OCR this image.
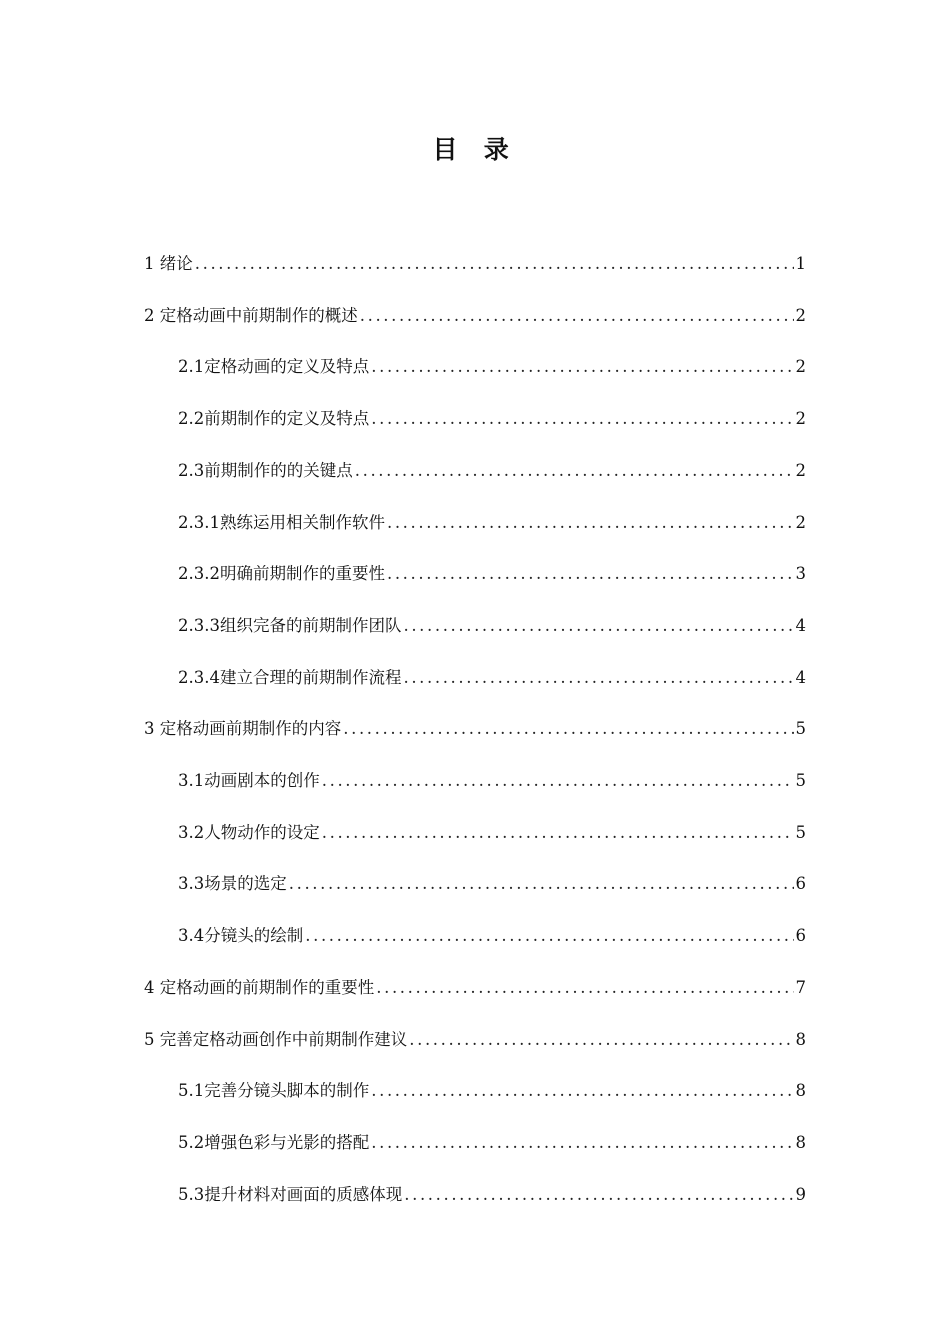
目 录
1 绪论 .....	1
2 定格动画中前期制作的概述 .....	2
2.1定格动画的定义及特点 .....	2
2.2前期制作的定义及特点 .....	2
2.3前期制作的的关键点 .....	2
2.3.1熟练运用相关制作软件 .....	2
2.3.2明确前期制作的重要性 .....	3
2.3.3组织完备的前期制作团队 .....	4
2.3.4建立合理的前期制作流程 .....	4
3 定格动画前期制作的内容 .....	5
3.1动画剧本的创作 .....	5
3.2人物动作的设定 .....	5
3.3场景的选定 .....	6
3.4分镜头的绘制 .....	6
4 定格动画的前期制作的重要性 .....	7
5 完善定格动画创作中前期制作建议 .....	8
5.1完善分镜头脚本的制作 .....	8
5.2增强色彩与光影的搭配 .....	8
5.3提升材料对画面的质感体现 .....	9
